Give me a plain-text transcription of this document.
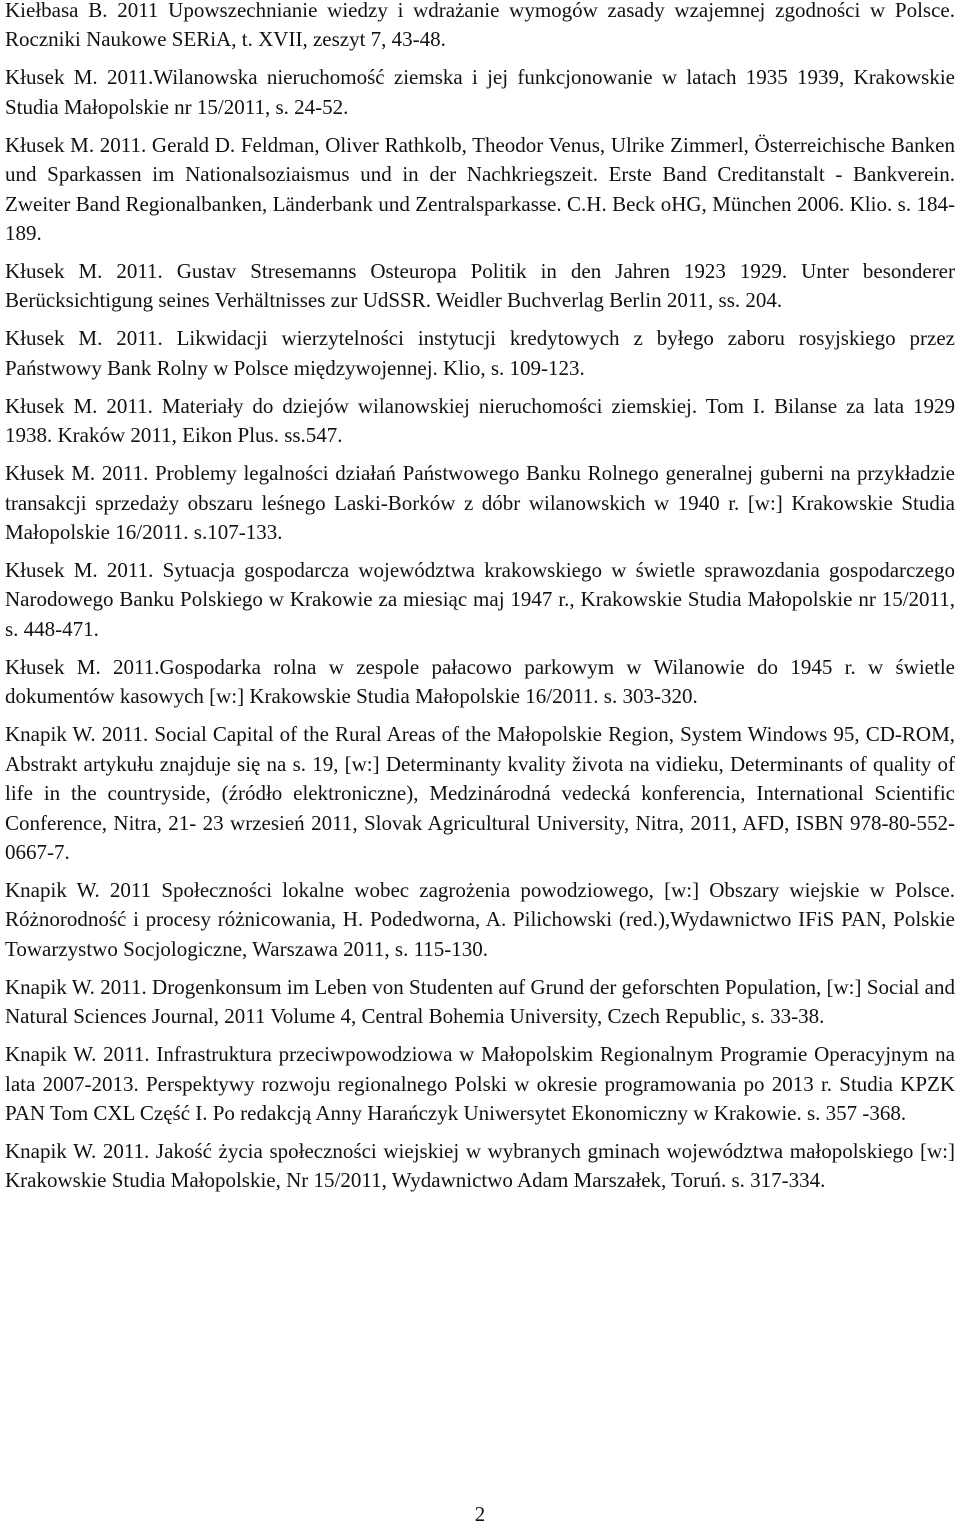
Kiełbasa B. 2011 Upowszechnianie wiedzy i wdrażanie wymogów zasady wzajemnej zgodności w Polsce. Roczniki Naukowe SERiA, t. XVII, zeszyt 7, 43-48.

Kłusek M. 2011.Wilanowska nieruchomość ziemska i jej funkcjonowanie w latach 1935 1939, Krakowskie Studia Małopolskie nr 15/2011, s. 24-52.

Kłusek M. 2011. Gerald D. Feldman, Oliver Rathkolb, Theodor Venus, Ulrike Zimmerl, Österreichische Banken und Sparkassen im Nationalsoziaismus und in der Nachkriegszeit. Erste Band Creditanstalt - Bankverein. Zweiter Band Regionalbanken, Länderbank und Zentralsparkasse. C.H. Beck oHG, München 2006. Klio. s. 184-189.

Kłusek M. 2011. Gustav Stresemanns Osteuropa Politik in den Jahren 1923 1929. Unter besonderer Berücksichtigung seines Verhältnisses zur UdSSR. Weidler Buchverlag Berlin 2011, ss. 204.

Kłusek M. 2011. Likwidacji wierzytelności instytucji kredytowych z byłego zaboru rosyjskiego przez Państwowy Bank Rolny w Polsce międzywojennej. Klio, s. 109-123.

Kłusek M. 2011. Materiały do dziejów wilanowskiej nieruchomości ziemskiej. Tom I. Bilanse za lata 1929 1938. Kraków 2011, Eikon Plus. ss.547.

Kłusek M. 2011. Problemy legalności działań Państwowego Banku Rolnego generalnej guberni na przykładzie transakcji sprzedaży obszaru leśnego Laski-Borków z dóbr wilanowskich w 1940 r. [w:] Krakowskie Studia Małopolskie 16/2011. s.107-133.

Kłusek M. 2011. Sytuacja gospodarcza województwa krakowskiego w świetle sprawozdania gospodarczego Narodowego Banku Polskiego w Krakowie za miesiąc maj 1947 r., Krakowskie Studia Małopolskie nr 15/2011, s. 448-471.

Kłusek M. 2011.Gospodarka rolna w zespole pałacowo parkowym w Wilanowie do 1945 r. w świetle dokumentów kasowych [w:] Krakowskie Studia Małopolskie 16/2011. s. 303-320.

Knapik W. 2011. Social Capital of the Rural Areas of the Małopolskie Region, System Windows 95, CD-ROM, Abstrakt artykułu znajduje się na s. 19, [w:] Determinanty kvality života na vidieku, Determinants of quality of life in the countryside, (źródło elektroniczne), Medzinárodná vedecká konferencia, International Scientific Conference, Nitra, 21- 23 wrzesień 2011, Slovak Agricultural University, Nitra, 2011, AFD, ISBN 978-80-552-0667-7.

Knapik W. 2011 Społeczności lokalne wobec zagrożenia powodziowego, [w:] Obszary wiejskie w Polsce. Różnorodność i procesy różnicowania, H. Podedworna, A. Pilichowski (red.),Wydawnictwo IFiS PAN, Polskie Towarzystwo Socjologiczne, Warszawa 2011, s. 115-130.

Knapik W. 2011. Drogenkonsum im Leben von Studenten auf Grund der geforschten Population, [w:] Social and Natural Sciences Journal, 2011 Volume 4, Central Bohemia University, Czech Republic, s. 33-38.

Knapik W. 2011. Infrastruktura przeciwpowodziowa w Małopolskim Regionalnym Programie Operacyjnym na lata 2007-2013. Perspektywy rozwoju regionalnego Polski w okresie programowania po 2013 r. Studia KPZK PAN Tom CXL Część I. Po redakcją Anny Harańczyk Uniwersytet Ekonomiczny w Krakowie. s. 357 -368.

Knapik W. 2011. Jakość życia społeczności wiejskiej w wybranych gminach województwa małopolskiego [w:] Krakowskie Studia Małopolskie, Nr 15/2011, Wydawnictwo Adam Marszałek, Toruń. s. 317-334.

2
